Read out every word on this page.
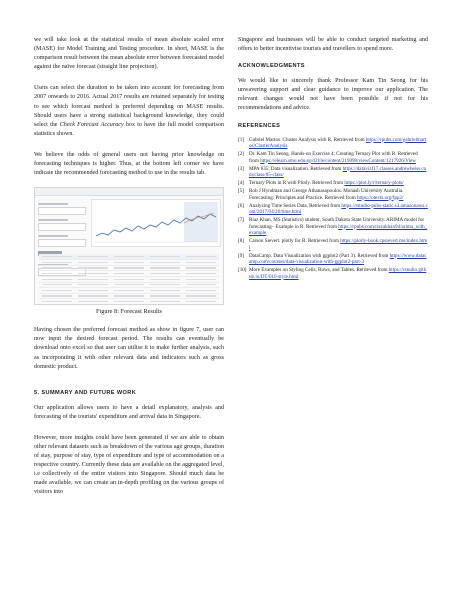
we will take look at the statistical results of mean absolute scaled error (MASE) for Model Training and Testing procedure. In short, MASE is the comparison result between the mean absolute error between forecasted model against the naïve forecast (straight line projection).

Users can select the duration to be taken into account for forecasting from 2007 onwards to 2016. Actual 2017 results are retained separately for testing to see which forecast method is preferred depending on MASE results. Should users have a strong statistical background knowledge, they could select the Check Forecast Accuracy box to have the full model comparison statistics shown.

We believe the odds of general users not having prior knowledge on forecasting techniques is higher. Thus, at the bottom left corner we have indicate the recommended forecasting method to use in the results tab.

Figure 8: Forecast Results

Having chosen the preferred forecast method as show in figure 7, user can now input the desired forecast period. The results can eventually be download onto excel so that user can utilise it to make further analysis, such as incorporating it with other relevant data and indicators such as gross domestic product.

5. SUMMARY AND FUTURE WORK

Our application allows users to have a detail explanatory, analysis and forecasting of the tourists' expenditure and arrival data in Singapore.

However, more insights could have been generated if we are able to obtain other relevant datasets such as breakdown of the various age groups, duration of stay, purpose of stay, type of expenditure and type of accommodation on a respective country. Currently these data are available on the aggregated level, i.e collectively of the entire visitors into Singapore. Should much data be made available, we can create an in-depth profiling on the various groups of visitors into

Singapore and businesses will be able to conduct targeted marketing and offers to better incentivise tourists and travellers to spend more.

ACKNOWLEDGMENTS

We would like to sincerely thank Professor Kam Tin Seong for his unwavering support and clear guidance to improve our application. The relevant changes would not have been possible if not for his recommendations and advice.

REFERENCES
[1] Gabriel Martos. Cluster Analysis with R. Retrieved from https://rpubs.com/gabrielmartos/ClusterAnalysis
[2] Dr. Kam Tin Seong. Hands-on Exercise 4: Creating Ternary Plot with R. Retrieved from https://elearn.smu.edu.sg/d2l/le/content/219098/viewContent/1217926/View
[3] MPA 635: Data visualization. Retrieved from https://datavizf17.classes.andrewheiss.com/class/05-class/
[4] Ternary Plots in R with Plotly. Retrieved from https://plot.ly/r/ternary-plots/
[5] Rob J Hyndman and George Athanasopoulos. Monash University Australia. Forecasting: Principles and Practice. Retrieved from https://otexts.org/fpp2/
[6] Analyzing Time Series Data. Retrieved from https://rstudio-pubs-static.s3.amazonaws.com/2017/04/26/time.html
[7] Riaz Khan, MS (Statistics) student, South Dakota State University. ARIMA model for forecasting– Example in R. Retrieved from https://rpubs.com/riazakhan94/arima_with_example
[8] Carson Sievert. plotly for R. Retrieved from https://plotly-book.cpsievert.me/index.html
[9] DataCamp. Data Visualization with ggplot2 (Part 3). Retrieved from https://www.datacamp.com/courses/data-visualization-with-ggplot2-part-3
[10] More Examples on Styling Cells, Rows, and Tables. Retrieved from https://rstudio.github.io/DT/010-style.html
